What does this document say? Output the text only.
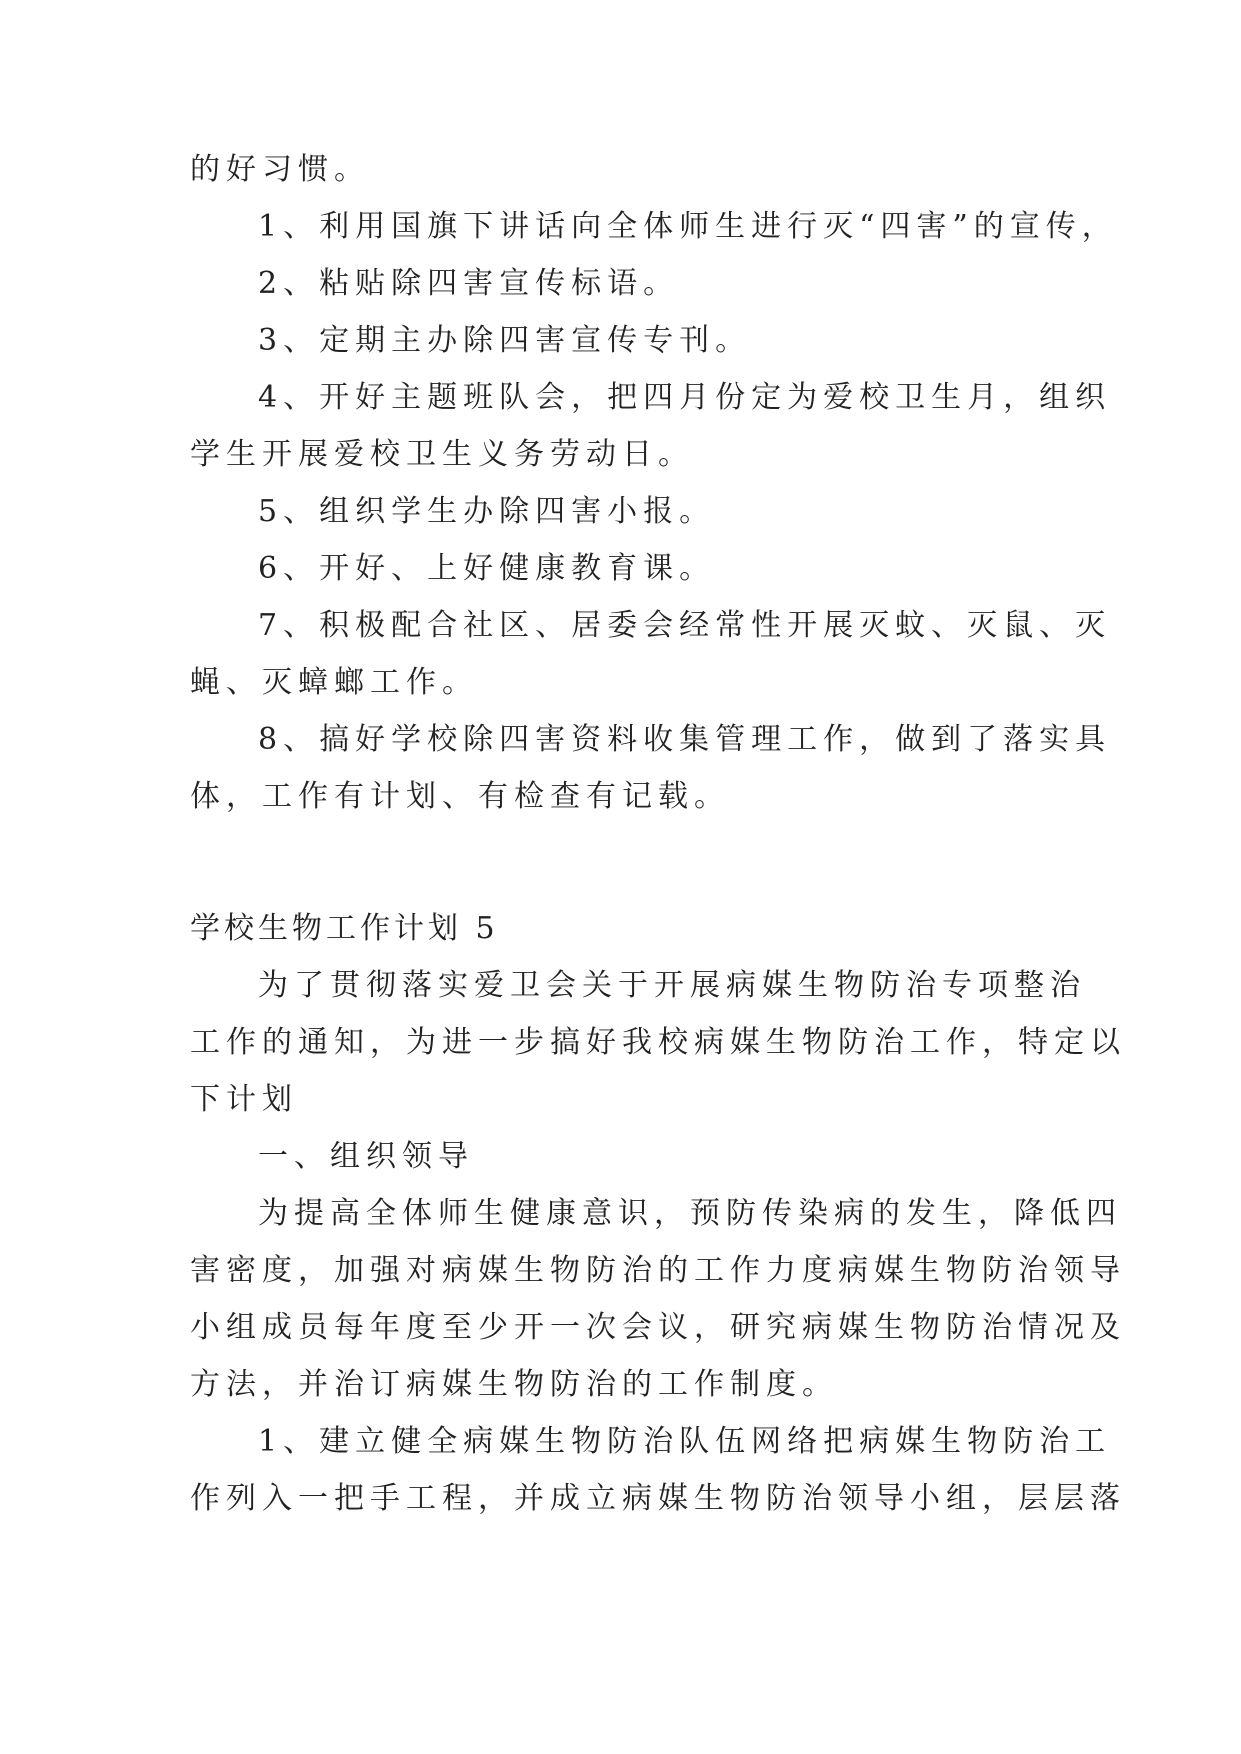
的好习惯。
1、利用国旗下讲话向全体师生进行灭“四害”的宣传，
2、粘贴除四害宣传标语。
3、定期主办除四害宣传专刊。
4、开好主题班队会，把四月份定为爱校卫生月，组织
学生开展爱校卫生义务劳动日。
5、组织学生办除四害小报。
6、开好、上好健康教育课。
7、积极配合社区、居委会经常性开展灭蚊、灭鼠、灭
蝇、灭蟑螂工作。
8、搞好学校除四害资料收集管理工作，做到了落实具
体，工作有计划、有检查有记载。
学校生物工作计划 5
为了贯彻落实爱卫会关于开展病媒生物防治专项整治
工作的通知，为进一步搞好我校病媒生物防治工作，特定以
下计划
一、组织领导
为提高全体师生健康意识，预防传染病的发生，降低四
害密度，加强对病媒生物防治的工作力度病媒生物防治领导
小组成员每年度至少开一次会议，研究病媒生物防治情况及
方法，并治订病媒生物防治的工作制度。
1、建立健全病媒生物防治队伍网络把病媒生物防治工
作列入一把手工程，并成立病媒生物防治领导小组，层层落
